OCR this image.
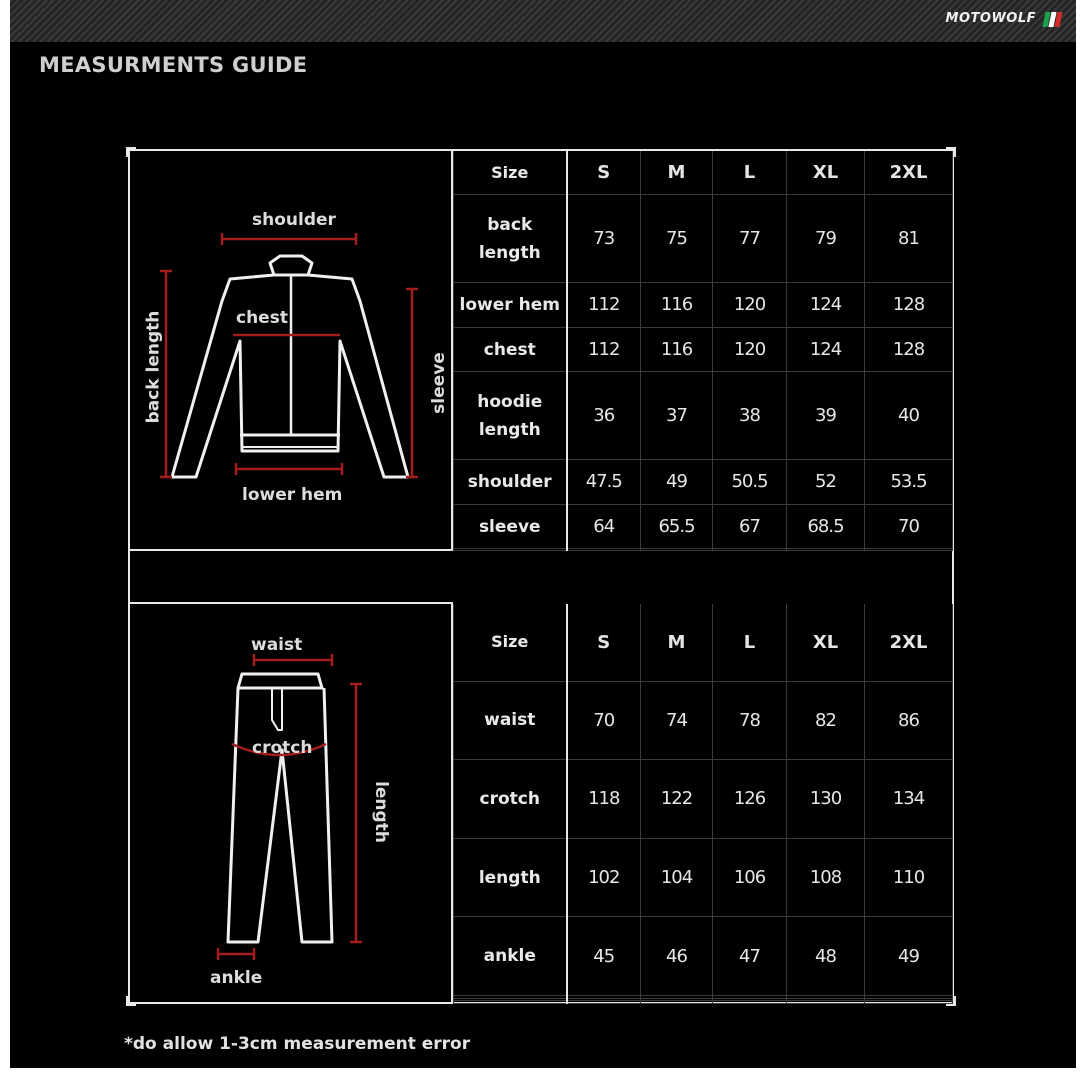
MOTOWOLF
MEASURMENTS GUIDE
shoulder
chest
back length	sleeve
lower hem
Size	S	M	L	XL	2XL
back length	73	75	77	79	81
lower hem	112	116	120	124	128
chest	112	116	120	124	128
hoodie length	36	37	38	39	40
shoulder	47.5	49	50.5	52	53.5
sleeve	64	65.5	67	68.5	70

waist
crotch
length
ankle
Size	S	M	L	XL	2XL
waist	70	74	78	82	86
crotch	118	122	126	130	134
length	102	104	106	108	110
ankle	45	46	47	48	49

*do allow 1-3cm measurement error
